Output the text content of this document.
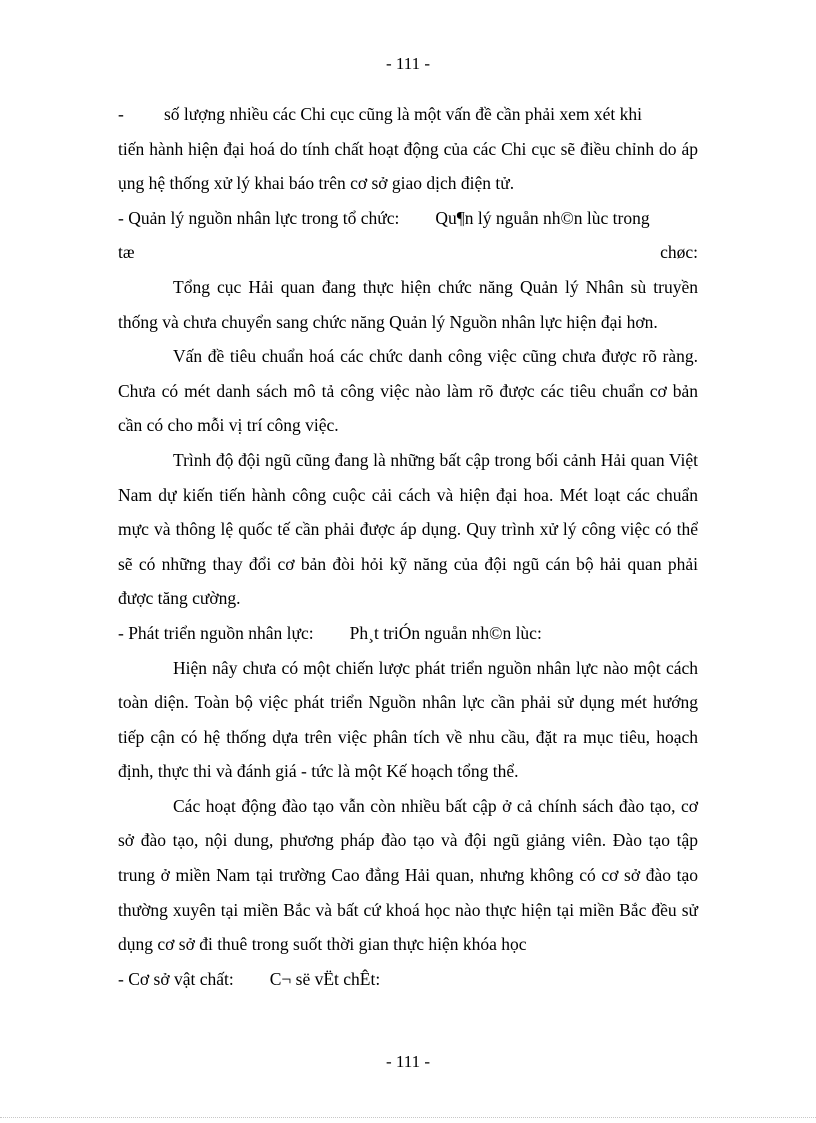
- 111 -

-	số lượng nhiều các Chi cục cũng là một vấn đề cần phải xem xét khi

tiến hành hiện đại hoá do tính chất hoạt động của các Chi cục sẽ điều chỉnh do áp ụng hệ thống xử lý khai báo trên cơ sở giao dịch điện tử.

- Quản lý nguồn nhân lực trong tổ chức: Qu¶n lý nguån nh©n lùc trong

tæ	chøc:

Tổng cục Hải quan đang thực hiện chức năng Quản lý Nhân sù truyền thống và chưa chuyển sang chức năng Quản lý Nguồn nhân lực hiện đại hơn.

Vấn đề tiêu chuẩn hoá các chức danh công việc cũng chưa được rõ ràng. Chưa có mét danh sách mô tả công việc nào làm rõ được các tiêu chuẩn cơ bản cần có cho mỗi vị trí công việc.

Trình độ đội ngũ cũng đang là những bất cập trong bối cảnh Hải quan Việt Nam dự kiến tiến hành công cuộc cải cách và hiện đại hoa. Mét loạt các chuẩn mực và thông lệ quốc tế cần phải được áp dụng. Quy trình xử lý công việc có thể sẽ có những thay đổi cơ bản đòi hỏi kỹ năng của đội ngũ cán bộ hải quan phải được tăng cường.

- Phát triển nguồn nhân lực: Ph¸t triÓn nguån nh©n lùc:

Hiện nây chưa có một chiến lược phát triển nguồn nhân lực nào một cách toàn diện. Toàn bộ việc phát triển Nguồn nhân lực cần phải sử dụng mét hướng tiếp cận có hệ thống dựa trên việc phân tích về nhu cầu, đặt ra mục tiêu, hoạch định, thực thi và đánh giá - tức là một Kế hoạch tổng thể.

Các hoạt động đào tạo vẫn còn nhiều bất cập ở cả chính sách đào tạo, cơ sở đào tạo, nội dung, phương pháp đào tạo và đội ngũ giảng viên. Đào tạo tập trung ở miền Nam tại trường Cao đẳng Hải quan, nhưng không có cơ sở đào tạo thường xuyên tại miền Bắc và bất cứ khoá học nào thực hiện tại miền Bắc đều sử dụng cơ sở đi thuê trong suốt thời gian thực hiện khóa học

- Cơ sở vật chất: C¬ së vËt chÊt:

- 111 -
